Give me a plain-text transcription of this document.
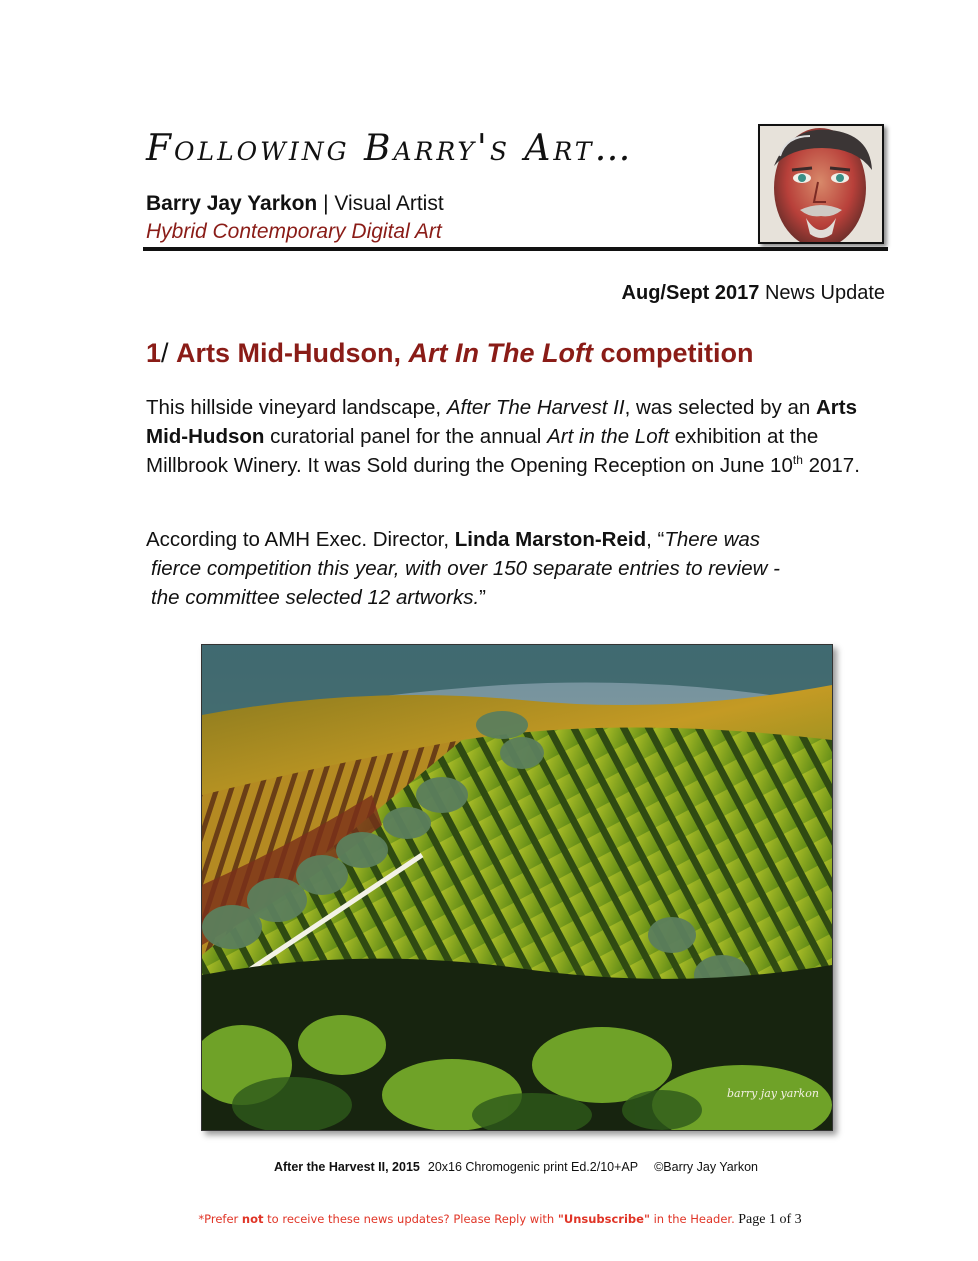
Following Barry's Art…
Barry Jay Yarkon | Visual Artist
Hybrid Contemporary Digital Art
Aug/Sept 2017 News Update
1/ Arts Mid-Hudson, Art In The Loft competition

This hillside vineyard landscape, After The Harvest II, was selected by an Arts Mid-Hudson curatorial panel for the annual Art in the Loft exhibition at the Millbrook Winery. It was Sold during the Opening Reception on June 10th 2017.

According to AMH Exec. Director, Linda Marston-Reid, “There was
fierce competition this year, with over 150 separate entries to review -
the committee selected 12 artworks.”

barry jay yarkon
After the Harvest II, 2015 20x16 Chromogenic print Ed.2/10+AP ©Barry Jay Yarkon
*Prefer not to receive these news updates? Please Reply with "Unsubscribe" in the Header. Page 1 of 3
